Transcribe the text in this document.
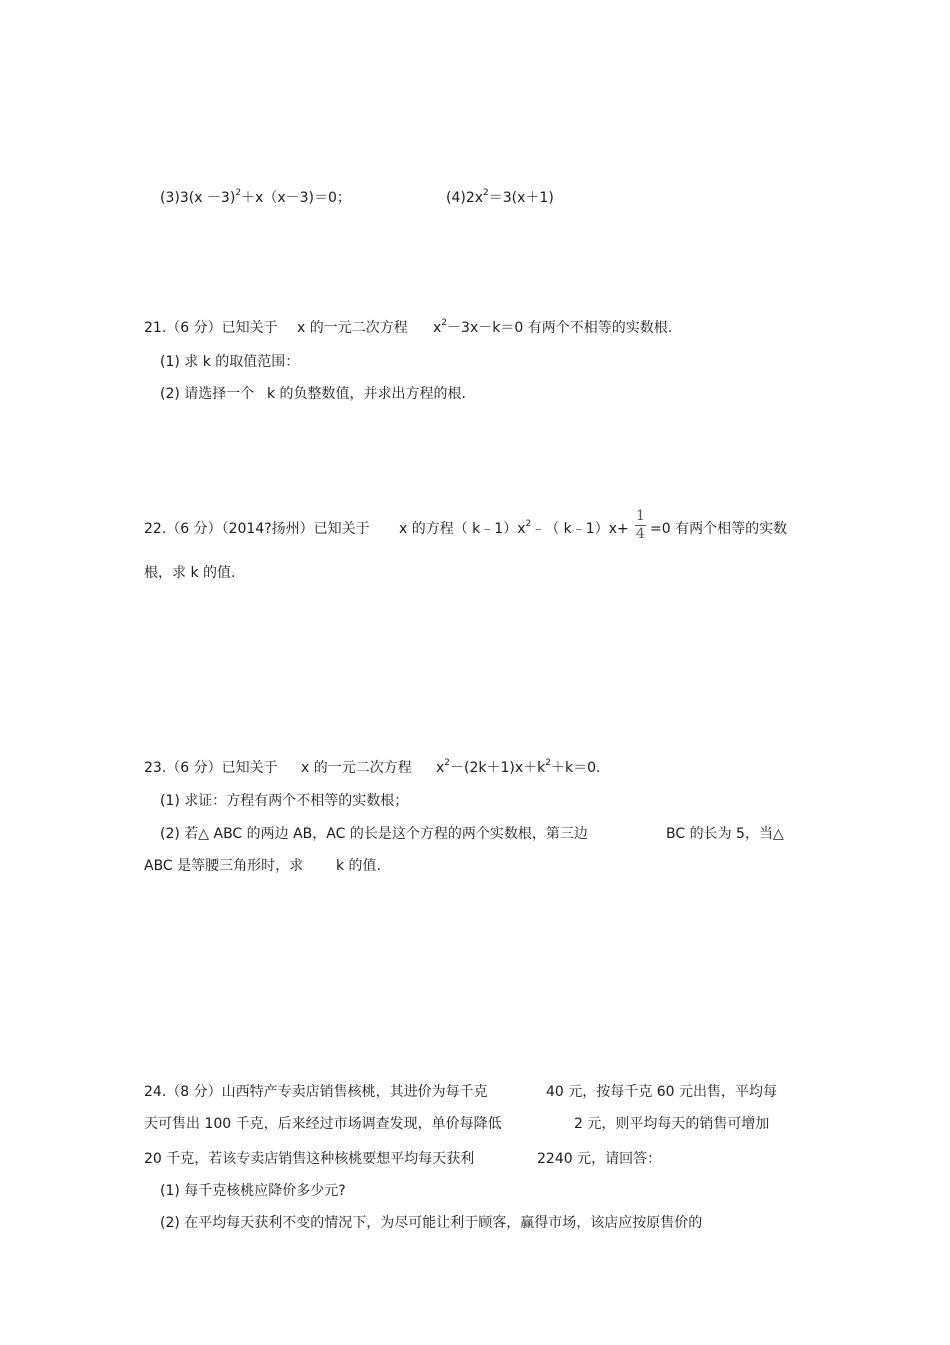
$(3)3(x -3)^2+x(x-3)=0$；	$(4)2x^2=3(x+1)$
21.（6 分）已知关于 x 的一元二次方程 $x^2-3x-k=0$ 有两个不相等的实数根.
(1) 求 k 的取值范围：
(2) 请选择一个 k 的负整数值，并求出方程的根.
22.（6 分）（2014?扬州）已知关于 x 的方程（ $k﹣1)x^2﹣$（ k﹣1）x+
1
4 =0 有两个相等的实数
根，求 k 的值.
23.（6 分）已知关于 x 的一元二次方程 $x^2-(2k+1)x+k^2+k=0$.
(1) 求证：方程有两个不相等的实数根；
(2) 若△ ABC 的两边 AB，AC 的长是这个方程的两个实数根，第三边	BC 的长为 5，当△
ABC 是等腰三角形时，求 k 的值.
24.（8 分）山西特产专卖店销售核桃，其进价为每千克	40 元，按每千克 60 元出售，平均每
天可售出 100 千克，后来经过市场调查发现，单价每降低	2 元，则平均每天的销售可增加
20 千克，若该专卖店销售这种核桃要想平均每天获利	2240 元，请回答：
(1) 每千克核桃应降价多少元?
(2) 在平均每天获利不变的情况下，为尽可能让利于顾客，赢得市场，该店应按原售价的
